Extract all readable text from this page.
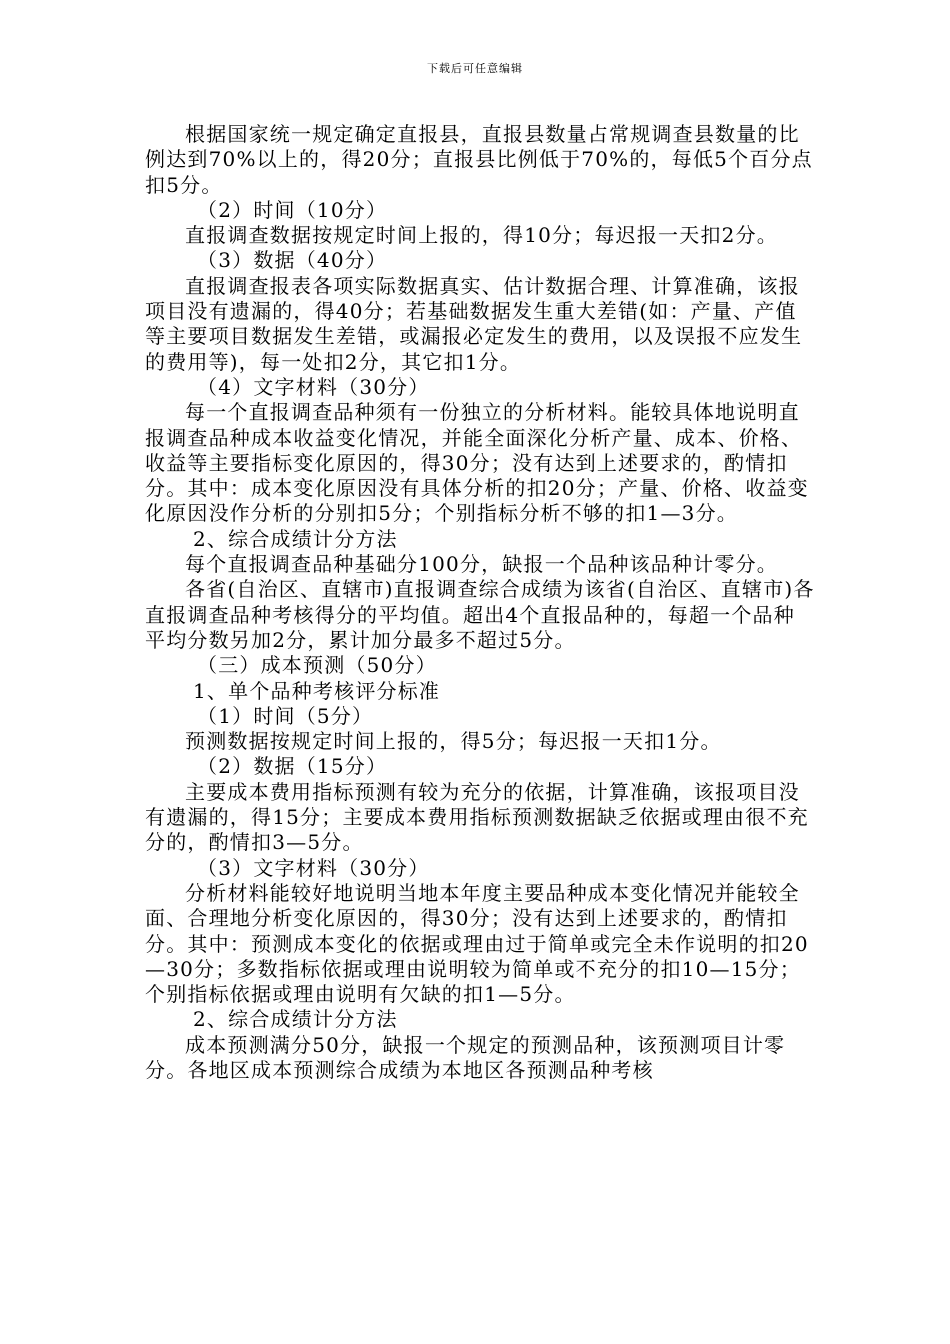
下载后可任意编辑

根据国家统一规定确定直报县，直报县数量占常规调查县数量的比例达到70%以上的，得20分；直报县比例低于70%的，每低5个百分点扣5分。

（2）时间（10分）

直报调查数据按规定时间上报的，得10分；每迟报一天扣2分。

（3）数据（40分）

直报调查报表各项实际数据真实、估计数据合理、计算准确，该报项目没有遗漏的，得40分；若基础数据发生重大差错(如：产量、产值等主要项目数据发生差错，或漏报必定发生的费用，以及误报不应发生的费用等)，每一处扣2分，其它扣1分。

（4）文字材料（30分）

每一个直报调查品种须有一份独立的分析材料。能较具体地说明直报调查品种成本收益变化情况，并能全面深化分析产量、成本、价格、收益等主要指标变化原因的，得30分；没有达到上述要求的，酌情扣分。其中：成本变化原因没有具体分析的扣20分；产量、价格、收益变化原因没作分析的分别扣5分；个别指标分析不够的扣1—3分。

2、综合成绩计分方法

每个直报调查品种基础分100分，缺报一个品种该品种计零分。

各省(自治区、直辖市)直报调查综合成绩为该省(自治区、直辖市)各直报调查品种考核得分的平均值。超出4个直报品种的，每超一个品种平均分数另加2分，累计加分最多不超过5分。

（三）成本预测（50分）

1、单个品种考核评分标准

（1）时间（5分）

预测数据按规定时间上报的，得5分；每迟报一天扣1分。

（2）数据（15分）

主要成本费用指标预测有较为充分的依据，计算准确，该报项目没有遗漏的，得15分；主要成本费用指标预测数据缺乏依据或理由很不充分的，酌情扣3—5分。

（3）文字材料（30分）

分析材料能较好地说明当地本年度主要品种成本变化情况并能较全面、合理地分析变化原因的，得30分；没有达到上述要求的，酌情扣分。其中：预测成本变化的依据或理由过于简单或完全未作说明的扣20—30分；多数指标依据或理由说明较为简单或不充分的扣10—15分；个别指标依据或理由说明有欠缺的扣1—5分。

2、综合成绩计分方法

成本预测满分50分，缺报一个规定的预测品种，该预测项目计零分。各地区成本预测综合成绩为本地区各预测品种考核
